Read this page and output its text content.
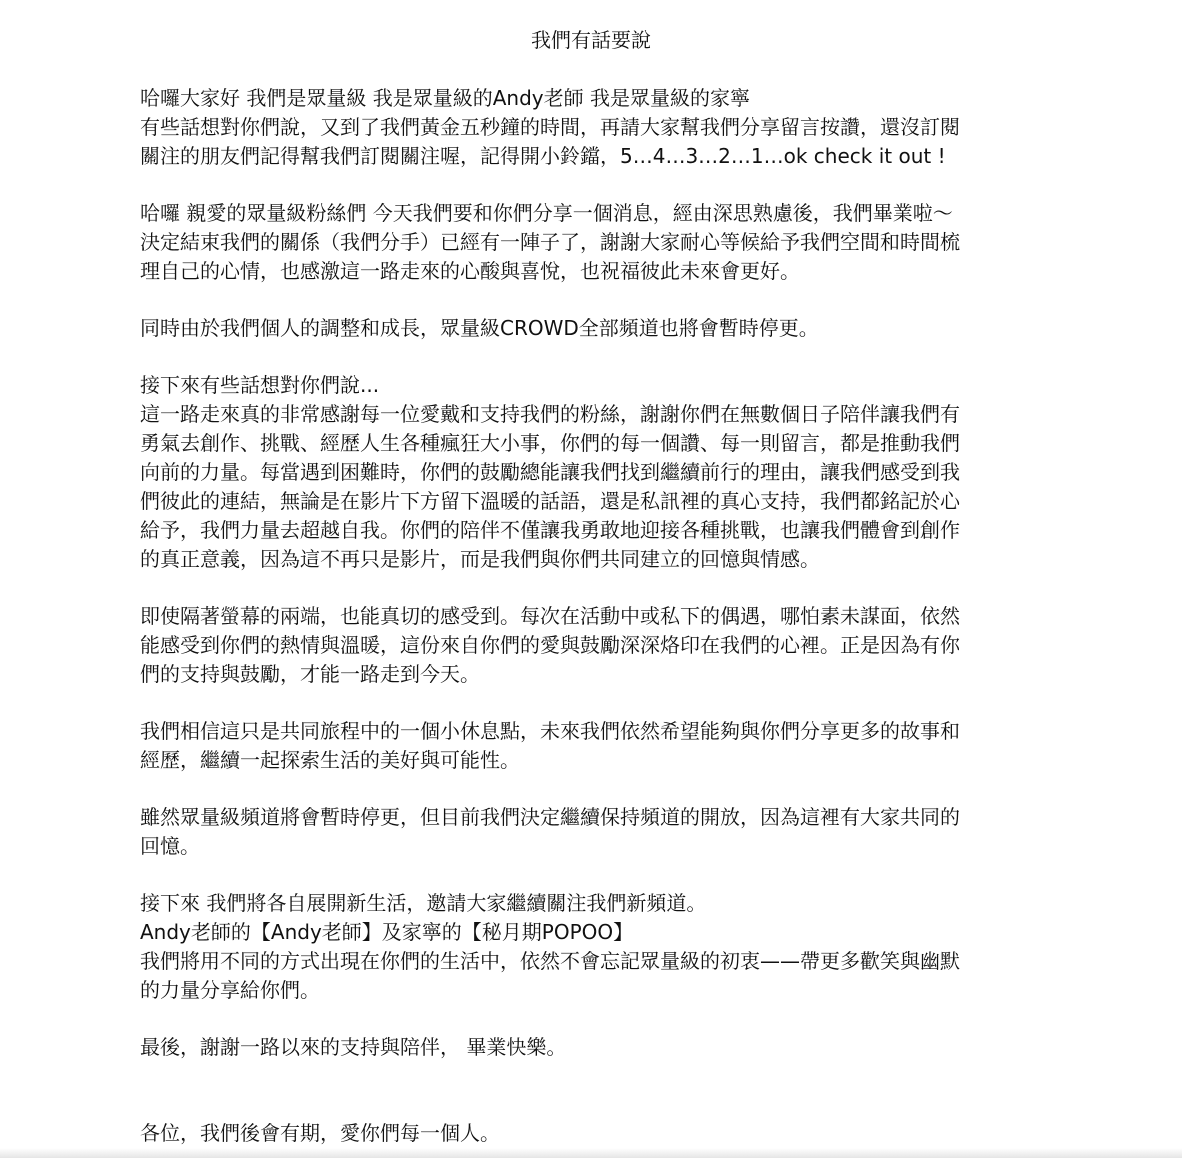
我們有話要說

哈囉大家好 我們是眾量級 我是眾量級的Andy老師 我是眾量級的家寧
有些話想對你們說，又到了我們黃金五秒鐘的時間，再請大家幫我們分享留言按讚，還沒訂閱
關注的朋友們記得幫我們訂閱關注喔，記得開小鈴鐺，5…4…3…2…1…ok check it out !

哈囉 親愛的眾量級粉絲們 今天我們要和你們分享一個消息，經由深思熟慮後，我們畢業啦～
決定結束我們的關係（我們分手）已經有一陣子了，謝謝大家耐心等候給予我們空間和時間梳
理自己的心情，也感激這一路走來的心酸與喜悅，也祝福彼此未來會更好。

同時由於我們個人的調整和成長，眾量級CROWD全部頻道也將會暫時停更。

接下來有些話想對你們說...
這一路走來真的非常感謝每一位愛戴和支持我們的粉絲，謝謝你們在無數個日子陪伴讓我們有
勇氣去創作、挑戰、經歷人生各種瘋狂大小事，你們的每一個讚、每一則留言，都是推動我們
向前的力量。每當遇到困難時，你們的鼓勵總能讓我們找到繼續前行的理由，讓我們感受到我
們彼此的連結，無論是在影片下方留下溫暖的話語，還是私訊裡的真心支持，我們都銘記於心
給予，我們力量去超越自我。你們的陪伴不僅讓我勇敢地迎接各種挑戰，也讓我們體會到創作
的真正意義，因為這不再只是影片，而是我們與你們共同建立的回憶與情感。

即使隔著螢幕的兩端，也能真切的感受到。每次在活動中或私下的偶遇，哪怕素未謀面，依然
能感受到你們的熱情與溫暖，這份來自你們的愛與鼓勵深深烙印在我們的心裡。正是因為有你
們的支持與鼓勵，才能一路走到今天。

我們相信這只是共同旅程中的一個小休息點，未來我們依然希望能夠與你們分享更多的故事和
經歷，繼續一起探索生活的美好與可能性。

雖然眾量級頻道將會暫時停更，但目前我們決定繼續保持頻道的開放，因為這裡有大家共同的
回憶。

接下來 我們將各自展開新生活，邀請大家繼續關注我們新頻道。
Andy老師的【Andy老師】及家寧的【秘月期POPOO】
我們將用不同的方式出現在你們的生活中，依然不會忘記眾量級的初衷——帶更多歡笑與幽默
的力量分享給你們。

最後，謝謝一路以來的支持與陪伴， 畢業快樂。

各位，我們後會有期，愛你們每一個人。
